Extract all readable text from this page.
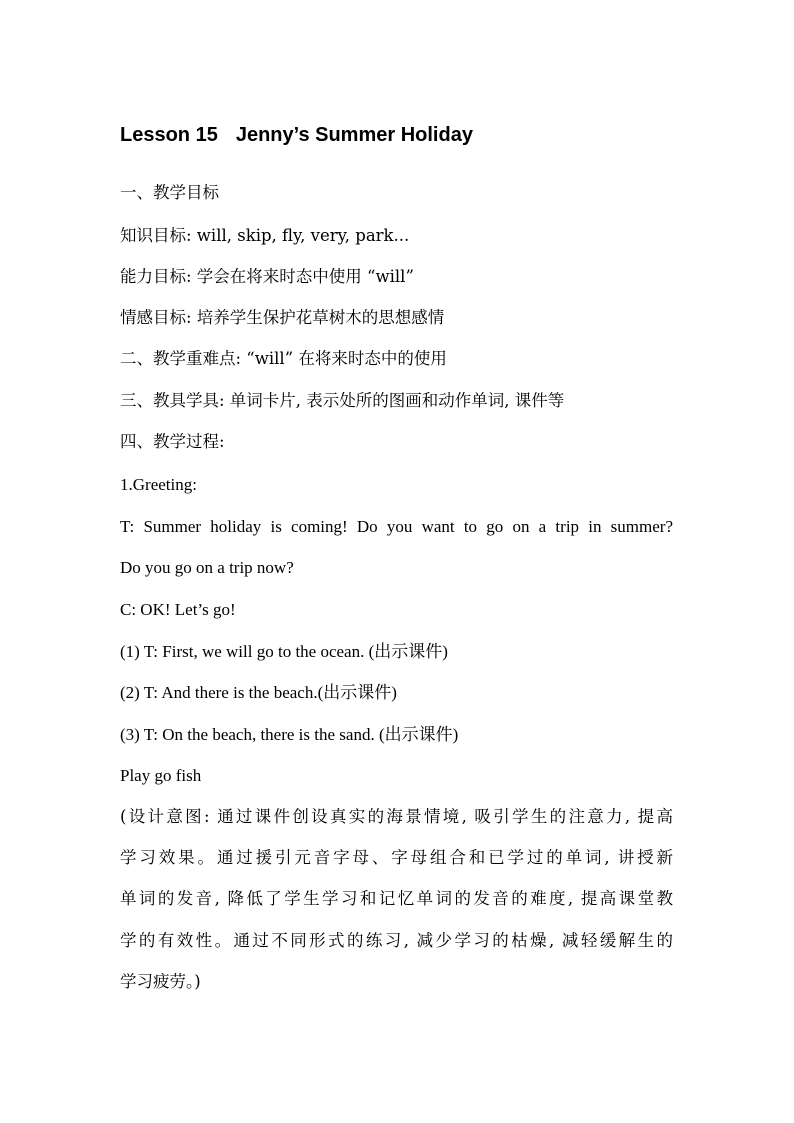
Lesson 15 Jenny’s Summer Holiday

一、教学目标

知识目标: will, skip, fly, very, park...

能力目标: 学会在将来时态中使用 “will”

情感目标: 培养学生保护花草树木的思想感情

二、教学重难点: “will” 在将来时态中的使用

三、教具学具: 单词卡片, 表示处所的图画和动作单词, 课件等

四、教学过程:

1.Greeting:

T: Summer holiday is coming! Do you want to go on a trip in summer?

Do you go on a trip now?

C: OK! Let’s go!

(1) T: First, we will go to the ocean. (出示课件)

(2) T: And there is the beach.(出示课件)

(3) T: On the beach, there is the sand. (出示课件)

Play go fish

(设计意图: 通过课件创设真实的海景情境, 吸引学生的注意力, 提高

学习效果。通过援引元音字母、字母组合和已学过的单词, 讲授新

单词的发音, 降低了学生学习和记忆单词的发音的难度, 提高课堂教

学的有效性。通过不同形式的练习, 减少学习的枯燥, 减轻缓解生的

学习疲劳。)
